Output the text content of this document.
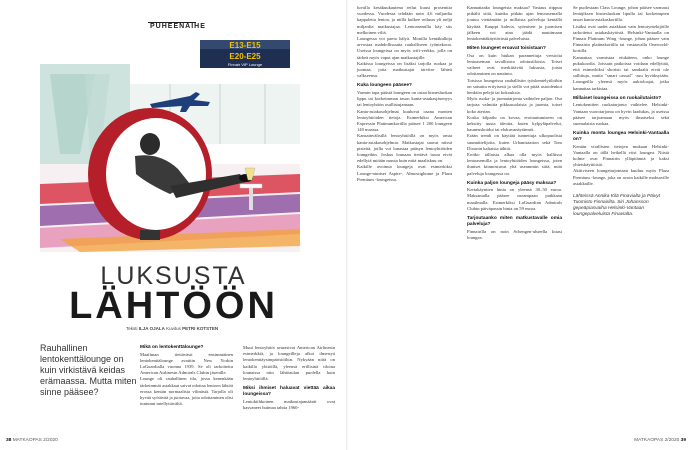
PUHEENAIHE
E13-E15
E20-E25
Finnair VIP Lounge
LUKSUSTA
LÄHTÖÖN
Teksti ILJA OJALA Kuvitus PETRI KOTSTEN
Rauhallinen lentokenttälounge on kuin virkistävä keidas erämaassa. Mutta miten sinne pääsee?
Mikä on lentokenttälounge?

Maailman tiettävästi ensimmäinen lentokenttälounge avattiin New Yorkin LaGuardialla vuonna 1939. Se oli tarkoitettu American Airlinesin Admirals Clubin jäsenille.

Lounge oli rauhallinen tila, jossa kenenkään tärkeimmät asiakkaat saivat odottaa lentoon lähtöä erossa kentän normaalista vilinästä. Tarjolla oli hyvää syötävää ja juotavaa, joita odottaminen olisi tuntunut miellyttävältä.

Muut lentoyhtiöt seurasivat American Airlinesin esimerkkiä, ja loungeilleja alkoi ilmestyä lentokenttäysimpäristöihin. Nykyään niitä on kaikilla yhtiöillä, yleensä erillisinä tiloina lounaissa niin lähtöaulan puolella kuin lentoyhtiöillä.

Miksi ihmiset haluavat viettää aikaa loungeissa?

Lentokiihkoinen matkustajamäärät ovat kasvaneet huimaa tahtia 1960-

38 MATKAOPAS 2/2020

luvulla kesäkuukautena reilut kuusi prosenttia vuodessa. Vuodessa tehdään noin 4,6 miljardia kappaletta lentoa, ja niillä kulkee reiluun yli neljä miljardia matkustajaa. Lentoasemilla käy siis melkoinen viliä.

Loungessa voi paeta hälyä. Monilla kentäkulkija arvostaa mahdollisuutta rauhalliseen työntekoon. Useissa loungeissa on myös wifi-verkko, jolla on tärkeä myös vaput ajan matkustajille.

Kaikissa loungeissa on lisäksi tarjolla ruokaa ja juomaa, joita matkustajat tarvitse lähteä valkseensa.

Kuka loungeen pääsee?

Varmin tapa päästä loungeen on ostaa bisnesluokan lippu tai korkeimman tason kanta-asiakasjäsenyys tai lentoyhtiön osallistujamaan.

Kanta-asiakasohjelmat kuuluvat osana monien lentoyhtiöiden tietoja. Esimerkiksi American Expressin Platinumkortilla pääsee 1 200 loungeen 140 maassa.

Kansainvälisillä lentoyhtiöillä on myös omia kanta-asiakasohjelmia. Matkustajat saavat niissä pisteitä, joilla voi lunastaa pääsyn lentoyhtiöiden loungeihin. Joskus lounaan tiettävä tasoa eivät edellytä mitään muuta kuin mitä maaliskuu on.

Kaikille avoimia loungeja ovat esimerkiksi Lounge-nimiset Aspire-, Almostighome ja Plaza Premium -loungeissa.

Kannattaako loungeista maksaa? Vastaus riippuu pitkälti siitä, kuinka pitkän ajan lentoasemalla joutuu viettämään ja millaisia palveluja kentällä käyttää. Kauppi kahvia, syömisen ja juomisen jälkeen voi aina jäädä nauttimaan lentokenttäkäyttävästä palveluista.

Miten loungeet eroavat toisistaan?

Osa on kuin hiukan parannettuja versioita lentoaseman tavallisista odotustiloista. Toiset vaiheet ovat merkittävää luksusta, joista odottaminen on nautinto.

Toisissa loungeissa rauhallisiin työskentelytiloihin on satsattu erityisesti ja siellä voi pitää asioidenkoi henkiön pelejä tai kokouksia.

Myös ruoka- ja juomatarjonta vaihtelee paljon. Osa tarjoaa valmiita pikkusuolaisia ja juomia, toiset koko aterian.

Koska kilpailu on kovaa, erottautumiseen on keksitty uusia ideoita, kuten kylpyläpalvelut, kauneushoidot tai elokuvanäytännöt.

Erään trendi on käyttää tunnettuja ulkopuolisia suunnittelijoita, kuten Urbanisaation sekä Tom Dixonin kaltaisia tähtiä.

Erotko tällaisia alkaa olla myös kalliissa lentoasemilla ja lentoyhtiöiden loungeissa, joten ihmiset kiinnostuvat yhä useammin siitä, mitä palveluja loungessa on.

Kuinka paljon loungeja pääsy maksaa?

Kertakäyntien hinta on yleensä 30–50 euroa. Maksamalla pääsee useampaan paikkaan maailmalla. Esimerkiksi LaGuardian Admirals Clubin päiväpassin hinta on 59 euroa.

Tarjoutaanko miten matkustavalle omia palveluja?

Finnairilla on noin Schengen-alueella kuusi loungea.

Se puolestaan Class Lounge, johon pääsee varmasti lentäjiksen bisnesluokan lipulla tai korkeimpien tason kanta-asiakaskortilla.

Lisäksi ovat uudet asiakkaat vain lentotyntekijöille tarkoitetut asiakaskäytöstä. Helsinki-Vantaalla on Finnair Platinum Wing -lounge, johon pääsee vain Finnairin platinakortilla tai vastaavalla Oneworld-kortilla.

Kannattaa varmistaa etukäteen, onko lounge pukukoodia. Joissain paikoissa voidaan edellyttää, että esimerkiksi shortsit tai sandaalit eivät ole sallittuja, mutta "smart casual" -asu hyväksytään. Loungeilla yleensä myös aukioloajat, jotka kannattaa tarkistaa.

Millaiset loungeissa on ruokailutaisto?

Lentokenttien ruokatarjonta vaihtelee. Helsinki-Vantaan vuorotarjonta on hyvin laadukas, ja useissa pääsee tarjoamaan myös ilmaiseksi sekä suomalaista ruokaa.

Kuinka monta loungea Helsinki-Vantaalla on?

Kentän virallisten tietojen mukaan Helsinki-Vantaalla on tällä hetkellä viisi loungea. Niistä kolme ovat Finnairin ylläpitämiä ja kaksi yhteiskäyttöisiä.

Aktiiviseen loungetarjontaan kuuluu myös Plaza Premium -lounge, joka on avoin kaikille maksaville asiakkaille.

Lähteissä Annika Kilä Finavialta ja Päivyt Tuomisto Finnairilta. Siri Johansson gepeäpiasvaiha Helsinki-Vantaan loungepalveluista Finavialta.
MATKAOPAS 2/2020 39
